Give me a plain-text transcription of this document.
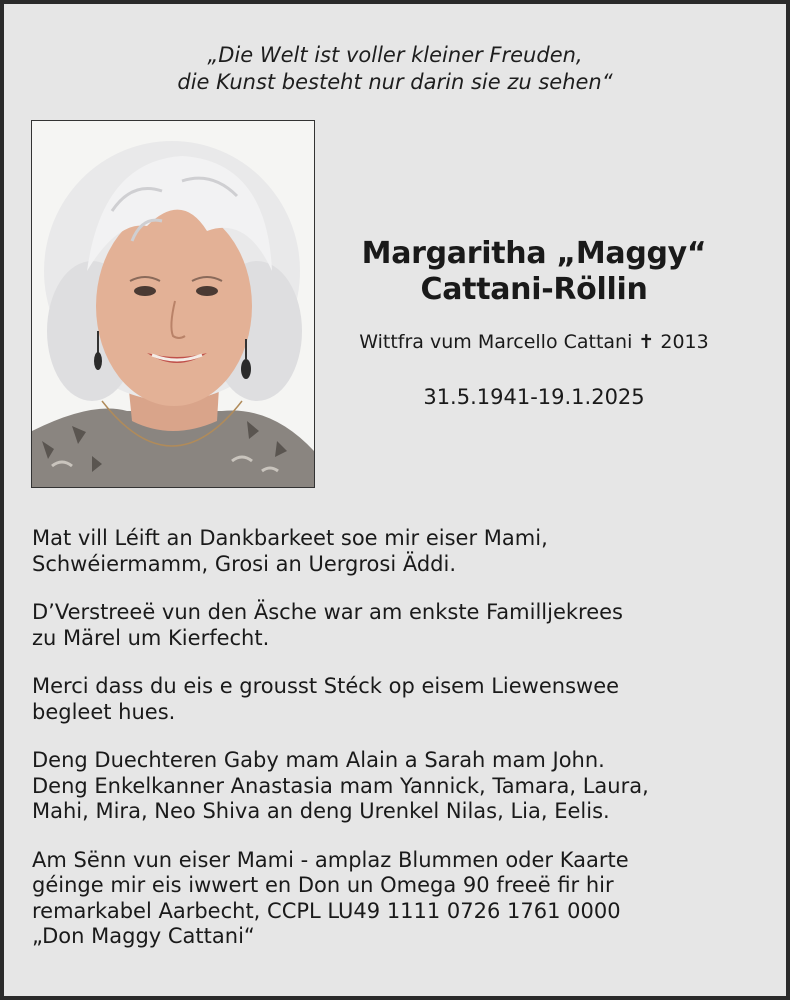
„Die Welt ist voller kleiner Freuden,
die Kunst besteht nur darin sie zu sehen“
Margaritha „Maggy“
Cattani-Röllin
Wittfra vum Marcello Cattani ✝ 2013
31.5.1941-19.1.2025
Mat vill Léift an Dankbarkeet soe mir eiser Mami,
Schwéiermamm, Grosi an Uergrosi Äddi.
D’Verstreeë vun den Äsche war am enkste Familljekrees
zu Märel um Kierfecht.
Merci dass du eis e grousst Stéck op eisem Liewenswee
begleet hues.
Deng Duechteren Gaby mam Alain a Sarah mam John.
Deng Enkelkanner Anastasia mam Yannick, Tamara, Laura,
Mahi, Mira, Neo Shiva an deng Urenkel Nilas, Lia, Eelis.
Am Sënn vun eiser Mami - amplaz Blummen oder Kaarte
géinge mir eis iwwert en Don un Omega 90 freeë fir hir
remarkabel Aarbecht, CCPL LU49 1111 0726 1761 0000
„Don Maggy Cattani“
